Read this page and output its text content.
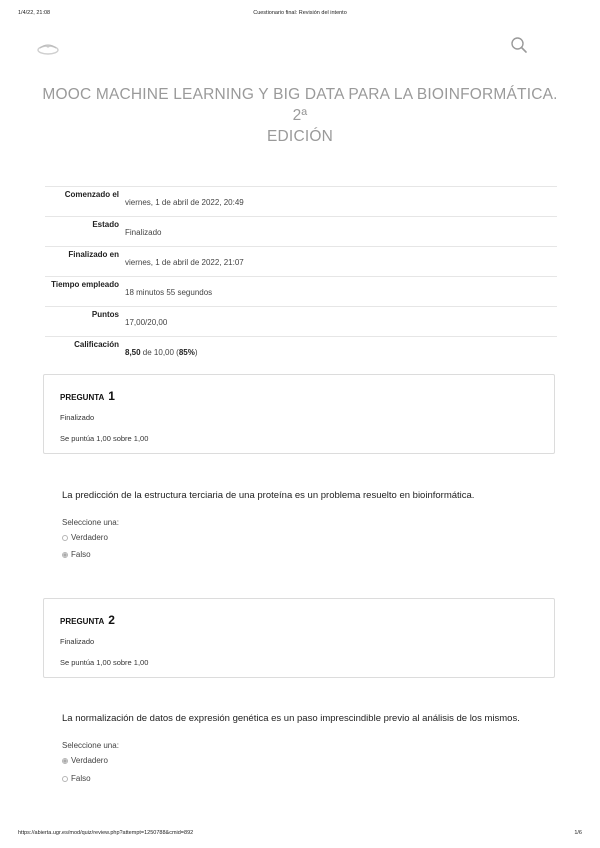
1/4/22, 21:08	Cuestionario final: Revisión del intento
MOOC MACHINE LEARNING Y BIG DATA PARA LA BIOINFORMÁTICA. 2ª
EDICIÓN
Comenzado el	viernes, 1 de abril de 2022, 20:49
Estado	Finalizado
Finalizado en	viernes, 1 de abril de 2022, 21:07
Tiempo empleado	18 minutos 55 segundos
Puntos	17,00/20,00
Calificación	8,50 de 10,00 (85%)
PREGUNTA 1
Finalizado
Se puntúa 1,00 sobre 1,00
La predicción de la estructura terciaria de una proteína es un problema resuelto en bioinformática.
Seleccione una:
Verdadero
Falso
PREGUNTA 2
Finalizado
Se puntúa 1,00 sobre 1,00
La normalización de datos de expresión genética es un paso imprescindible previo al análisis de los mismos.
Seleccione una:
Verdadero
Falso
https://abierta.ugr.es/mod/quiz/review.php?attempt=1250788&cmid=892	1/6
